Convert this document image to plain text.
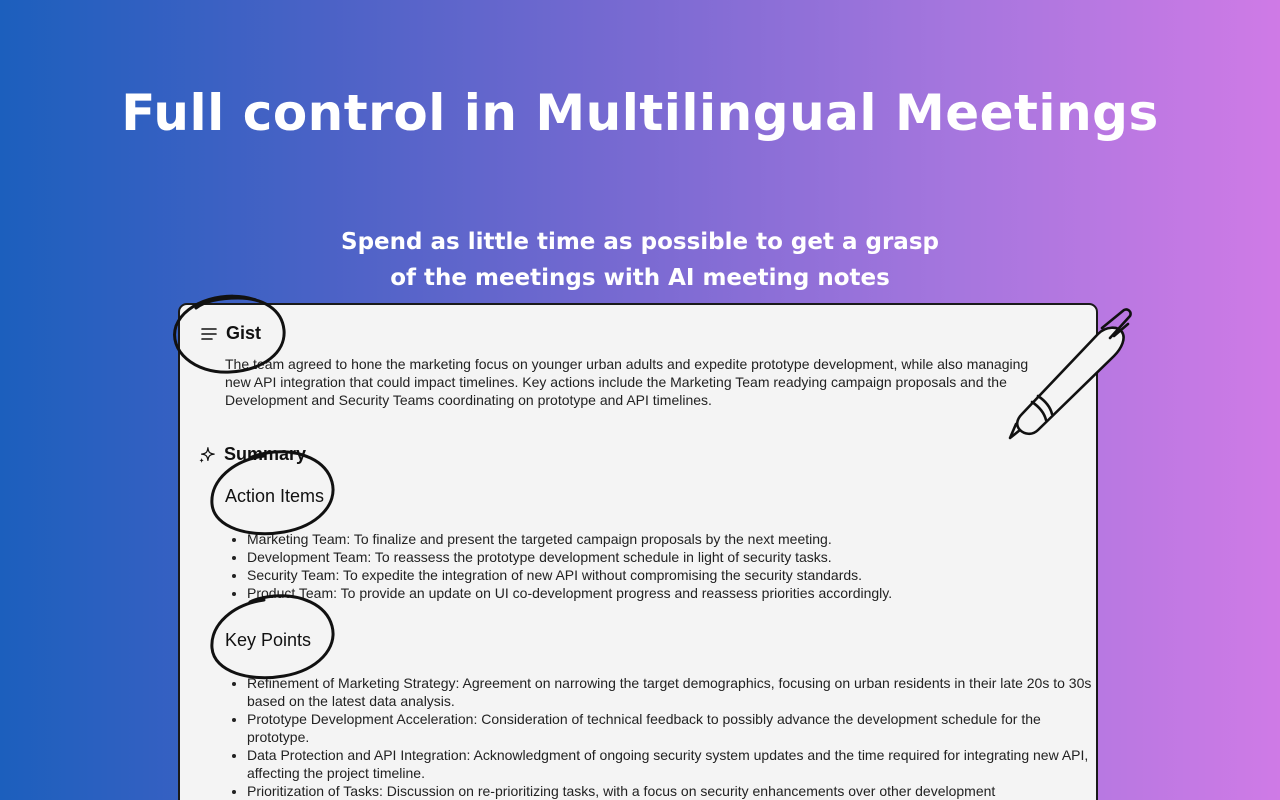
Full control in Multilingual Meetings

Spend as little time as possible to get a grasp
of the meetings with AI meeting notes

Gist

The team agreed to hone the marketing focus on younger urban adults and expedite prototype development, while also managing new API integration that could impact timelines. Key actions include the Marketing Team readying campaign proposals and the Development and Security Teams coordinating on prototype and API timelines.

Summary
Action Items
• Marketing Team: To finalize and present the targeted campaign proposals by the next meeting.
• Development Team: To reassess the prototype development schedule in light of security tasks.
• Security Team: To expedite the integration of new API without compromising the security standards.
• Product Team: To provide an update on UI co-development progress and reassess priorities accordingly.
Key Points
• Refinement of Marketing Strategy: Agreement on narrowing the target demographics, focusing on urban residents in their late 20s to 30s based on the latest data analysis.
• Prototype Development Acceleration: Consideration of technical feedback to possibly advance the development schedule for the prototype.
• Data Protection and API Integration: Acknowledgment of ongoing security system updates and the time required for integrating new API, affecting the project timeline.
• Prioritization of Tasks: Discussion on re-prioritizing tasks, with a focus on security enhancements over other development
